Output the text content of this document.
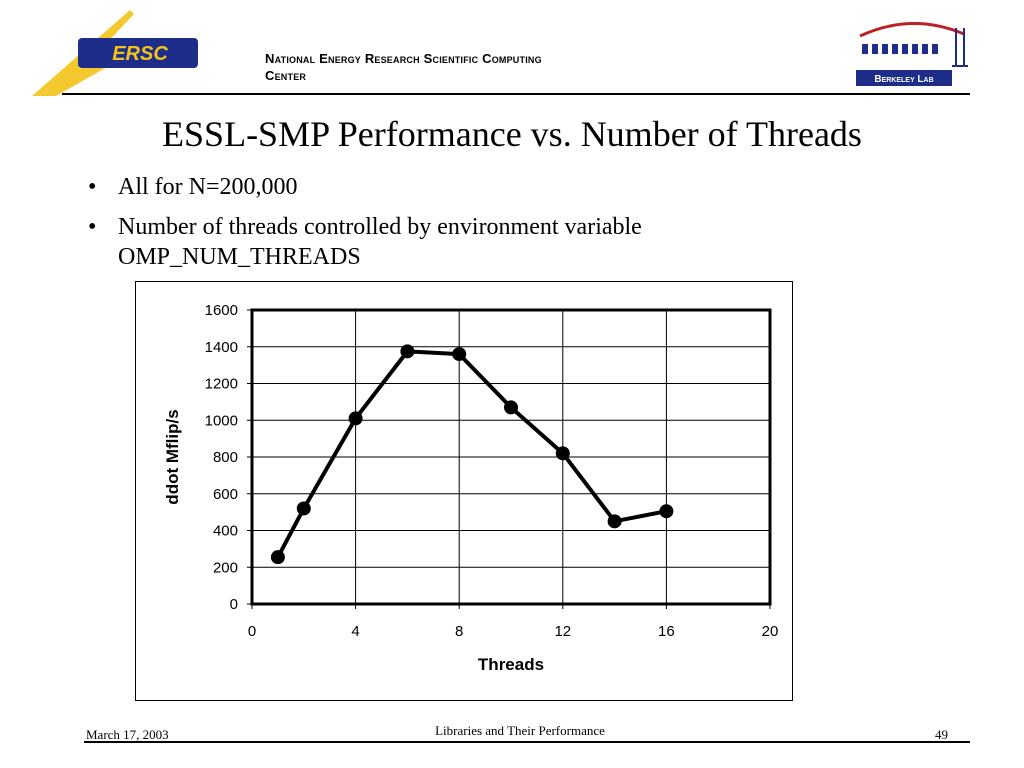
ERSC	National Energy Research Scientific Computing
Center	Berkeley Lab
ESSL-SMP Performance vs. Number of Threads
• All for N=200,000
• Number of threads controlled by environment variable OMP_NUM_THREADS
0
200
400
600
800
1000
1200
1400
1600
0	4	8	12	16	20
Threads
ddot Mflip/s
March 17, 2003	Libraries and Their Performance	49
